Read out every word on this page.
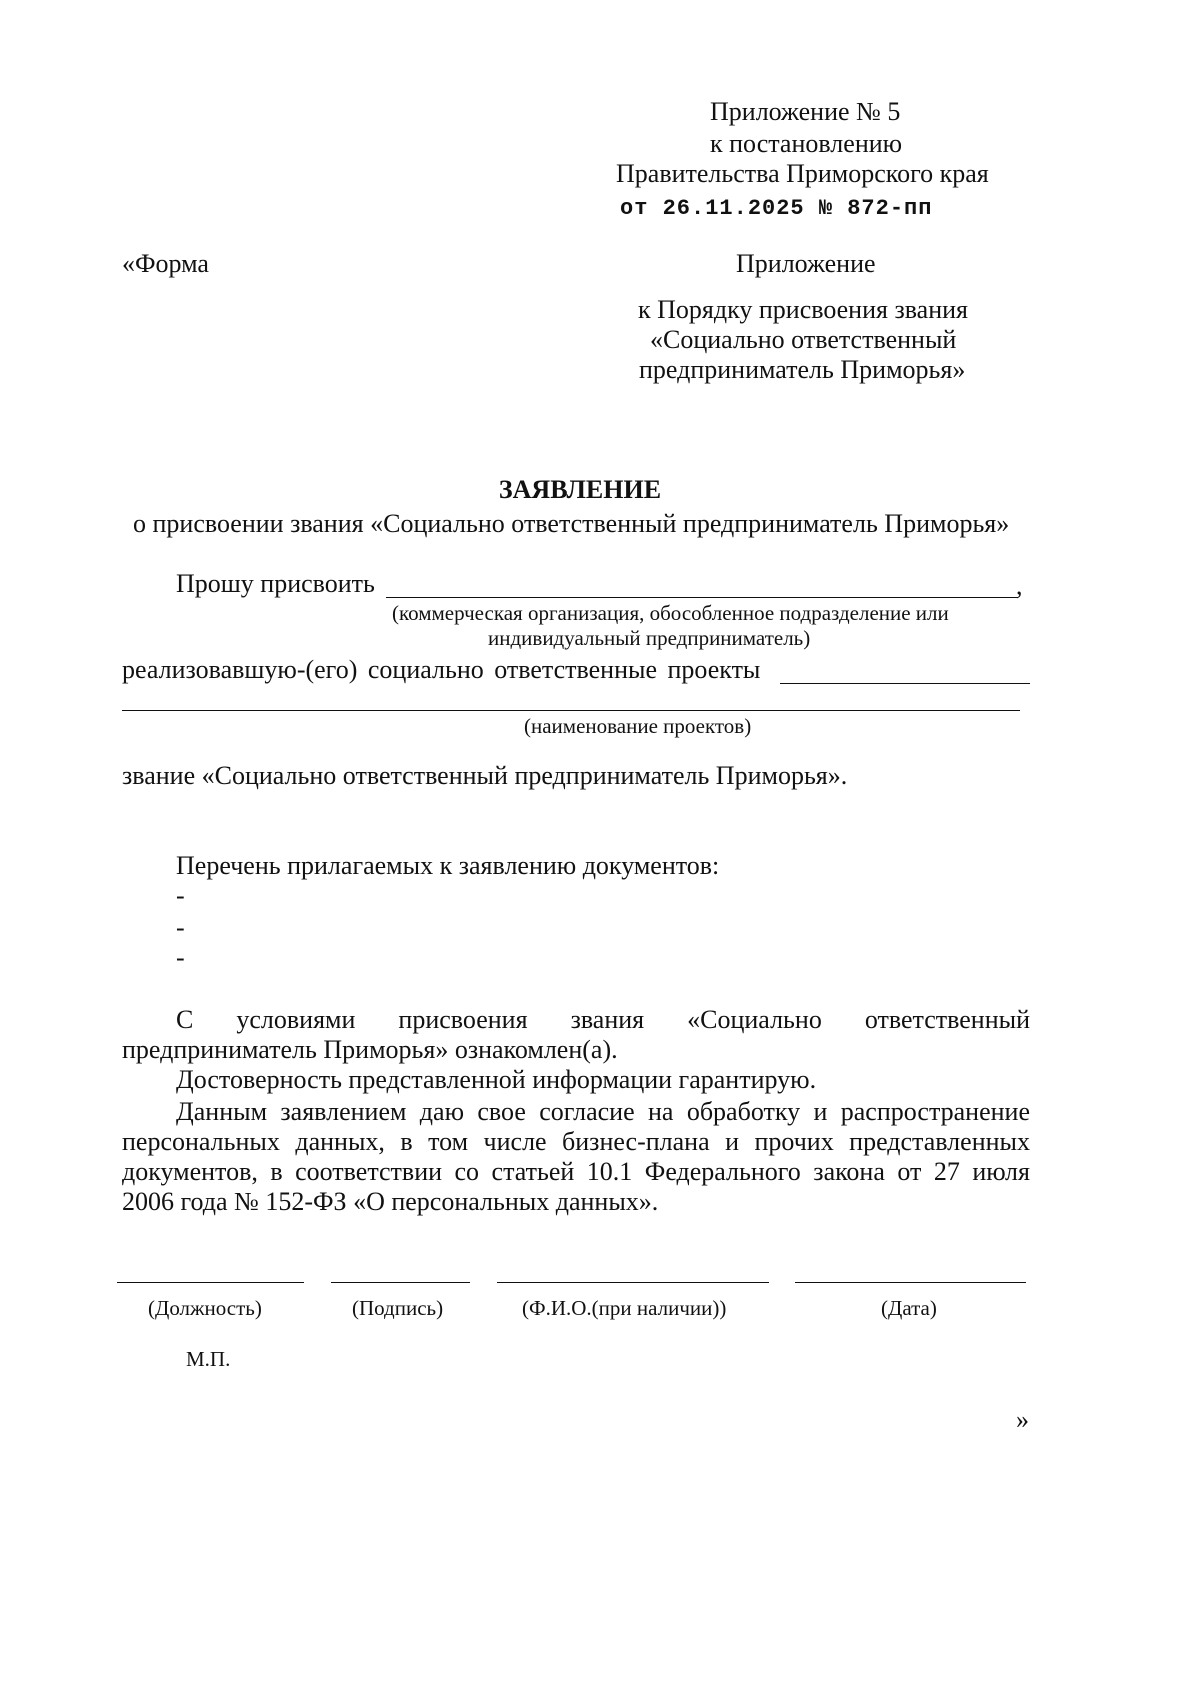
Приложение № 5
к постановлению
Правительства Приморского края
от 26.11.2025 № 872-пп
«Форма	Приложение
к Порядку присвоения звания
«Социально ответственный
предприниматель Приморья»
ЗАЯВЛЕНИЕ
о присвоении звания «Социально ответственный предприниматель Приморья»
Прошу присвоить	,
(коммерческая организация, обособленное подразделение или
индивидуальный предприниматель)
реализовавшую-(его) социально ответственные проекты
(наименование проектов)
звание «Социально ответственный предприниматель Приморья».
Перечень прилагаемых к заявлению документов:
-
-
-
С условиями присвоения звания «Социально ответственный
предприниматель Приморья» ознакомлен(а).
Достоверность представленной информации гарантирую.
Данным заявлением даю свое согласие на обработку и распространение
персональных данных, в том числе бизнес-плана и прочих представленных
документов, в соответствии со статьей 10.1 Федерального закона от 27 июля
2006 года № 152-ФЗ «О персональных данных».
(Должность)	(Подпись)	(Ф.И.О.(при наличии))	(Дата)
М.П.
»
